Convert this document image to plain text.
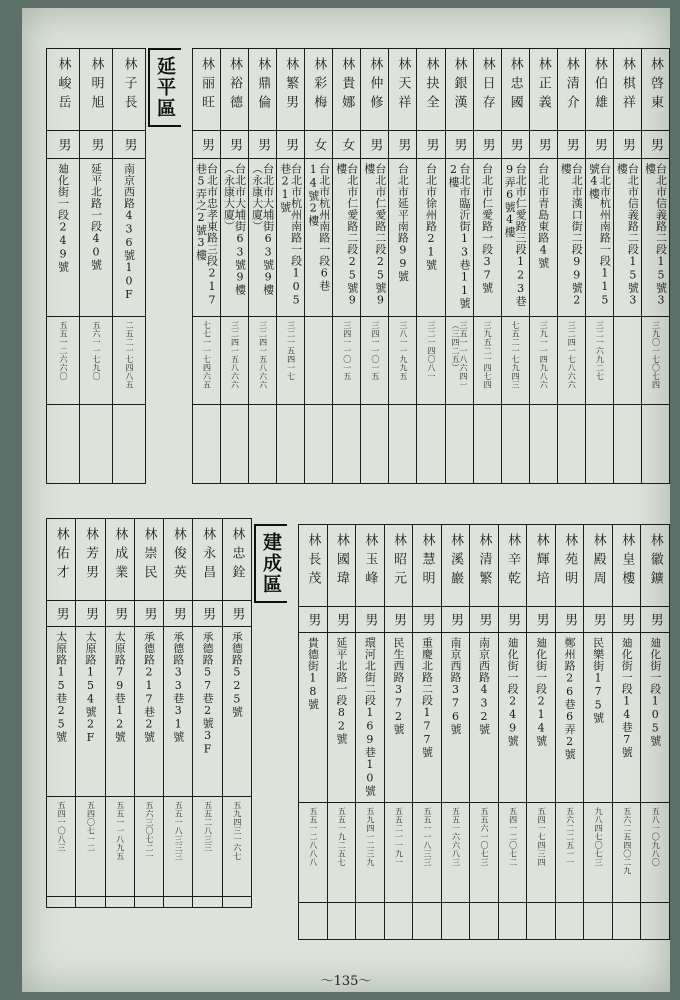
林啓東
男
台北市信義路二段15號3樓
三九〇一七〇七四
林棋祥
男
台北市信義路二段15號3樓
林伯雄
男
台北市杭州南路一段115號4樓
三二一六九二七
林清介
男
台北市漢口街二段99號2樓
三二四一七八六六
林正義
男
台北市青島東路4號
三九一一四九八六
林忠國
男
台北市仁愛路三段123巷9弄6號4樓
七五二一七九四三
林日存
男
台北市仁愛路一段37號
三九五二一四七四
林銀漢
男
台北市臨沂街13巷11號2樓
三五一一八六四一（三四二五）
林抉全
男
台北市徐州路21號
三二一四〇八一
林天祥
男
台北市延平南路99號
三八一一九九五
林仲修
男
台北市仁愛路二段25號9樓
三四一一〇一五
林貴娜
女
台北市仁愛路二段25號9樓
三四一一〇一五
林彩梅
女
台北市杭州南路一段6巷14號2樓
林繁男
男
台北市杭州南路一段105巷21號
三二一五四一七
林鼎倫
男
台北市大埔街63號9樓（永康大廈）
三二四一五八六六
林裕德
男
台北市大埔街63號9樓（永康大廈）
三二四一五八六六
林丽旺
男
台北市忠孝東路三段217巷5弄之2號3樓
七七一一七四六五
延平區
林子長
男
南京西路436號10F
二五二一七四八五
林明旭
男
延平北路一段40號
五六一一七九〇
林峻岳
男
廸化街一段249號
五五一二六六〇
林徽鑛
男
廸化街一段105號
五八一〇九八〇
林皇樓
男
廸化街一段14巷7號
五六二五四〇二九
林殿周
男
民樂街175號
九八四七〇七三
林苑明
男
鄭州路26巷6弄2號
五六二二五一一
林輝培
男
廸化街一段214號
五四一七四三四
林辛乾
男
廸化街一段249號
五四一二〇七二
林清繁
男
南京西路432號
五五六一〇七三
林溪巖
男
南京西路376號
五五一六六八三
林慧明
男
重慶北路二段177號
五五一一八三三
林昭元
男
民生西路372號
五五二一一九一
林玉峰
男
環河北街二段169巷10號
五九四一二三九
林國瑋
男
延平北路一段82號
五五一九二五七
林長茂
男
貴德街18號
五五一二八八八
建成區
林忠銓
男
承德路525號
五九四三一六七
林永昌
男
承德路57巷2號3F
五五二八三三
林俊英
男
承德路33巷31號
五五一八三三三
林崇民
男
承德路217巷2號
五六三〇七二一
林成業
男
太原路79巷12號
五五一一八九五
林芳男
男
太原路154號2F
五四〇七一二
林佑才
男
太原路15巷25號
五四一〇八三
～135～
